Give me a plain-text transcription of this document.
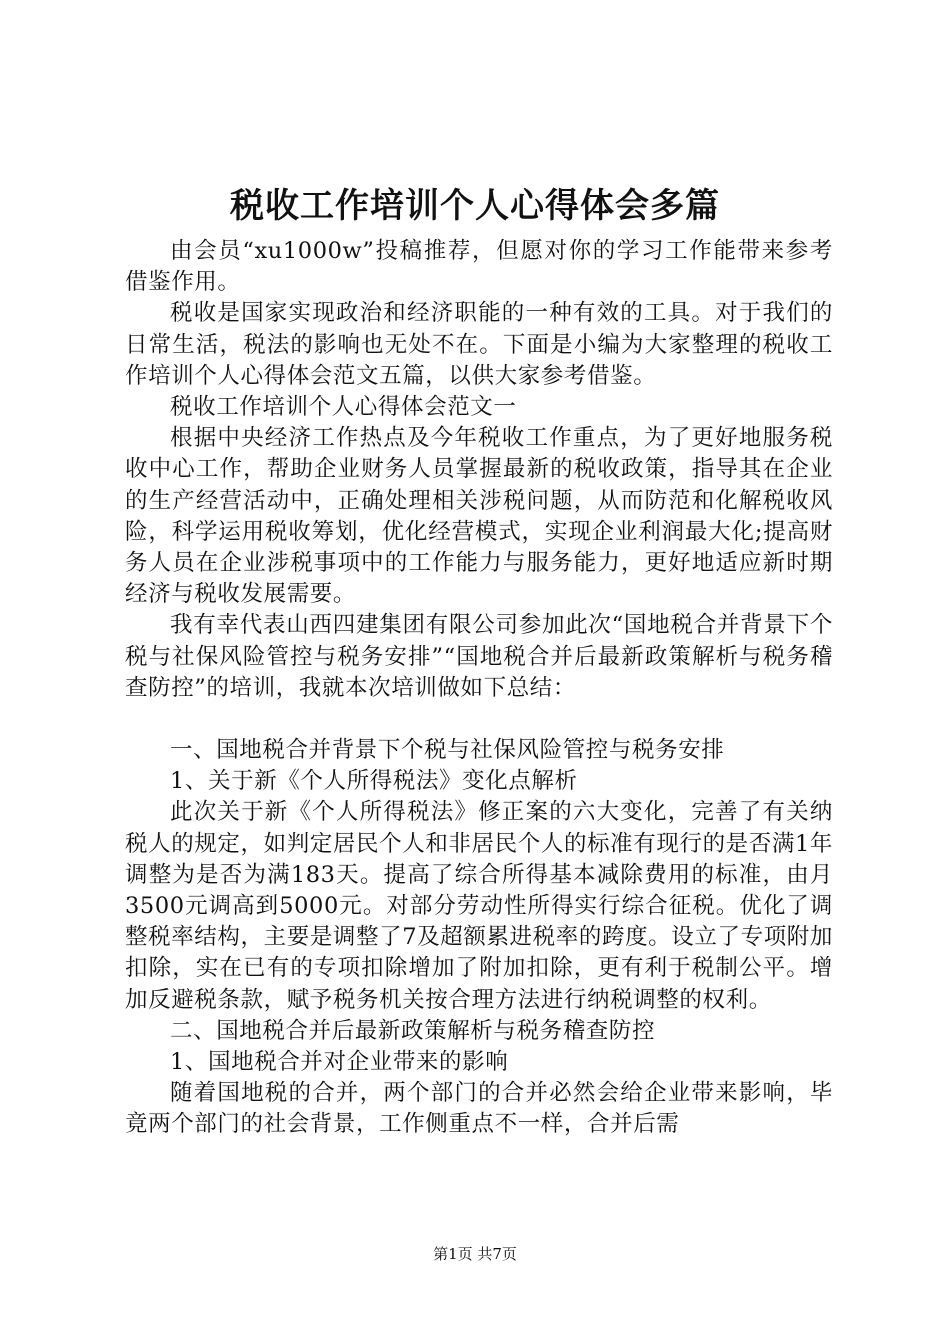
税收工作培训个人心得体会多篇

由会员“xu1000w”投稿推荐，但愿对你的学习工作能带来参考借鉴作用。

税收是国家实现政治和经济职能的一种有效的工具。对于我们的日常生活，税法的影响也无处不在。下面是小编为大家整理的税收工作培训个人心得体会范文五篇，以供大家参考借鉴。

税收工作培训个人心得体会范文一

根据中央经济工作热点及今年税收工作重点，为了更好地服务税收中心工作，帮助企业财务人员掌握最新的税收政策，指导其在企业的生产经营活动中，正确处理相关涉税问题，从而防范和化解税收风险，科学运用税收筹划，优化经营模式，实现企业利润最大化;提高财务人员在企业涉税事项中的工作能力与服务能力，更好地适应新时期经济与税收发展需要。

我有幸代表山西四建集团有限公司参加此次“国地税合并背景下个税与社保风险管控与税务安排”“国地税合并后最新政策解析与税务稽查防控”的培训，我就本次培训做如下总结：

一、国地税合并背景下个税与社保风险管控与税务安排

1、关于新《个人所得税法》变化点解析

此次关于新《个人所得税法》修正案的六大变化，完善了有关纳税人的规定，如判定居民个人和非居民个人的标准有现行的是否满1年调整为是否为满183天。提高了综合所得基本减除费用的标准，由月3500元调高到5000元。对部分劳动性所得实行综合征税。优化了调整税率结构，主要是调整了7及超额累进税率的跨度。设立了专项附加扣除，实在已有的专项扣除增加了附加扣除，更有利于税制公平。增加反避税条款，赋予税务机关按合理方法进行纳税调整的权利。

二、国地税合并后最新政策解析与税务稽查防控

1、国地税合并对企业带来的影响

随着国地税的合并，两个部门的合并必然会给企业带来影响，毕竟两个部门的社会背景，工作侧重点不一样，合并后需

第1页 共7页
